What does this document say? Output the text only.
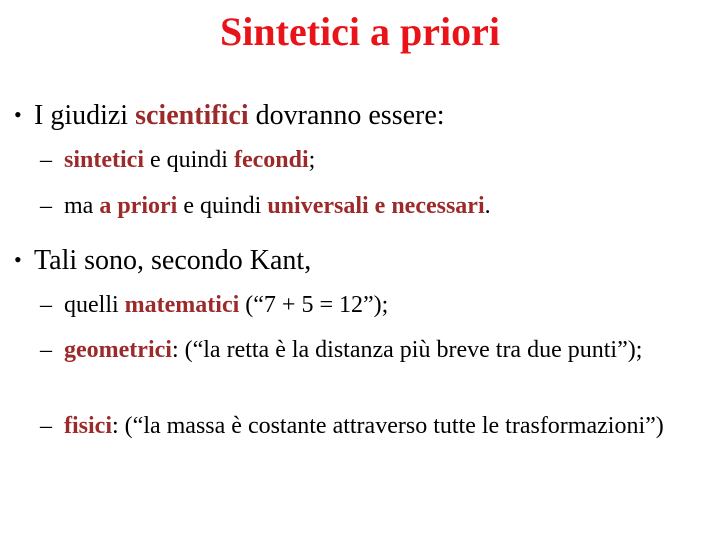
Sintetici a priori
• I giudizi scientifici dovranno essere:
– sintetici e quindi fecondi;
– ma a priori e quindi universali e necessari.
• Tali sono, secondo Kant,
– quelli matematici (“7 + 5 = 12”);
– geometrici: (“la retta è la distanza più breve tra due punti”);
– fisici: (“la massa è costante attraverso tutte le trasformazioni”)
